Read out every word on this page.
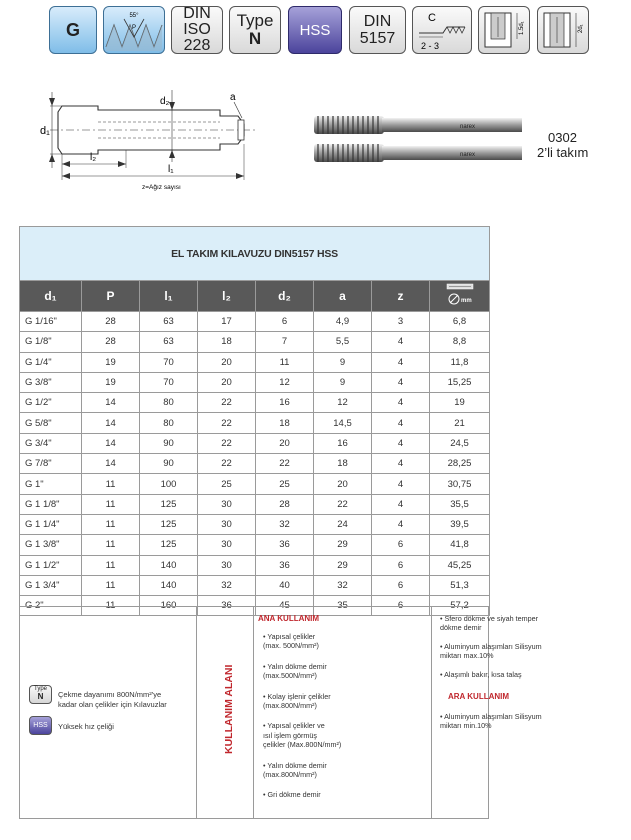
G
55°
P
DIN
ISO
228
Type
N	HSS DIN
5157
C
2 - 3
1.5d₁	2d₁
d₁
d₂	a
l₂
l₁
z=Ağız sayısı
narex
narex
0302
2’li takım
EL TAKIM KILAVUZU DIN5157 HSS							
d₁	P	l₁	l₂	d₂	a	z	mm

G 1/16"	28	63	17	6	4,9	3	6,8
G 1/8"	28	63	18	7	5,5	4	8,8
G 1/4"	19	70	20	11	9	4	11,8
G 3/8"	19	70	20	12	9	4	15,25
G 1/2"	14	80	22	16	12	4	19
G 5/8"	14	80	22	18	14,5	4	21
G 3/4"	14	90	22	20	16	4	24,5
G 7/8"	14	90	22	22	18	4	28,25
G 1"	11	100	25	25	20	4	30,75
G 1 1/8"	11	125	30	28	22	4	35,5
G 1 1/4"	11	125	30	32	24	4	39,5
G 1 3/8"	11	125	30	36	29	6	41,8
G 1 1/2"	11	140	30	36	29	6	45,25
G 1 3/4"	11	140	32	40	32	6	51,3
G 2"	11	160	36	45	35	6	57,2
Type
N	Çekme dayanımı 800N/mm²'ye
kadar olan çelikler için Kılavuzlar
HSS	Yüksek hız çeliği	KULLANIM ALANI
ANA KULLANIM
• Yapısal çelikler
(max. 500N/mm²)
• Yalın dökme demir
(max.500N/mm²)
• Kolay işlenir çelikler
(max.800N/mm²)
• Yapısal çelikler ve
ısıl işlem görmüş
çelikler (Max.800N/mm²)
• Yalın dökme demir
(max.800N/mm²)
• Gri dökme demir
• Sfero dökme ve siyah temper
dökme demir
• Aluminyum alaşımları Silisyum
miktarı max.10%
• Alaşımlı bakır, kısa talaş
ARA KULLANIM
• Aluminyum alaşımları Silisyum
miktarı min.10%
